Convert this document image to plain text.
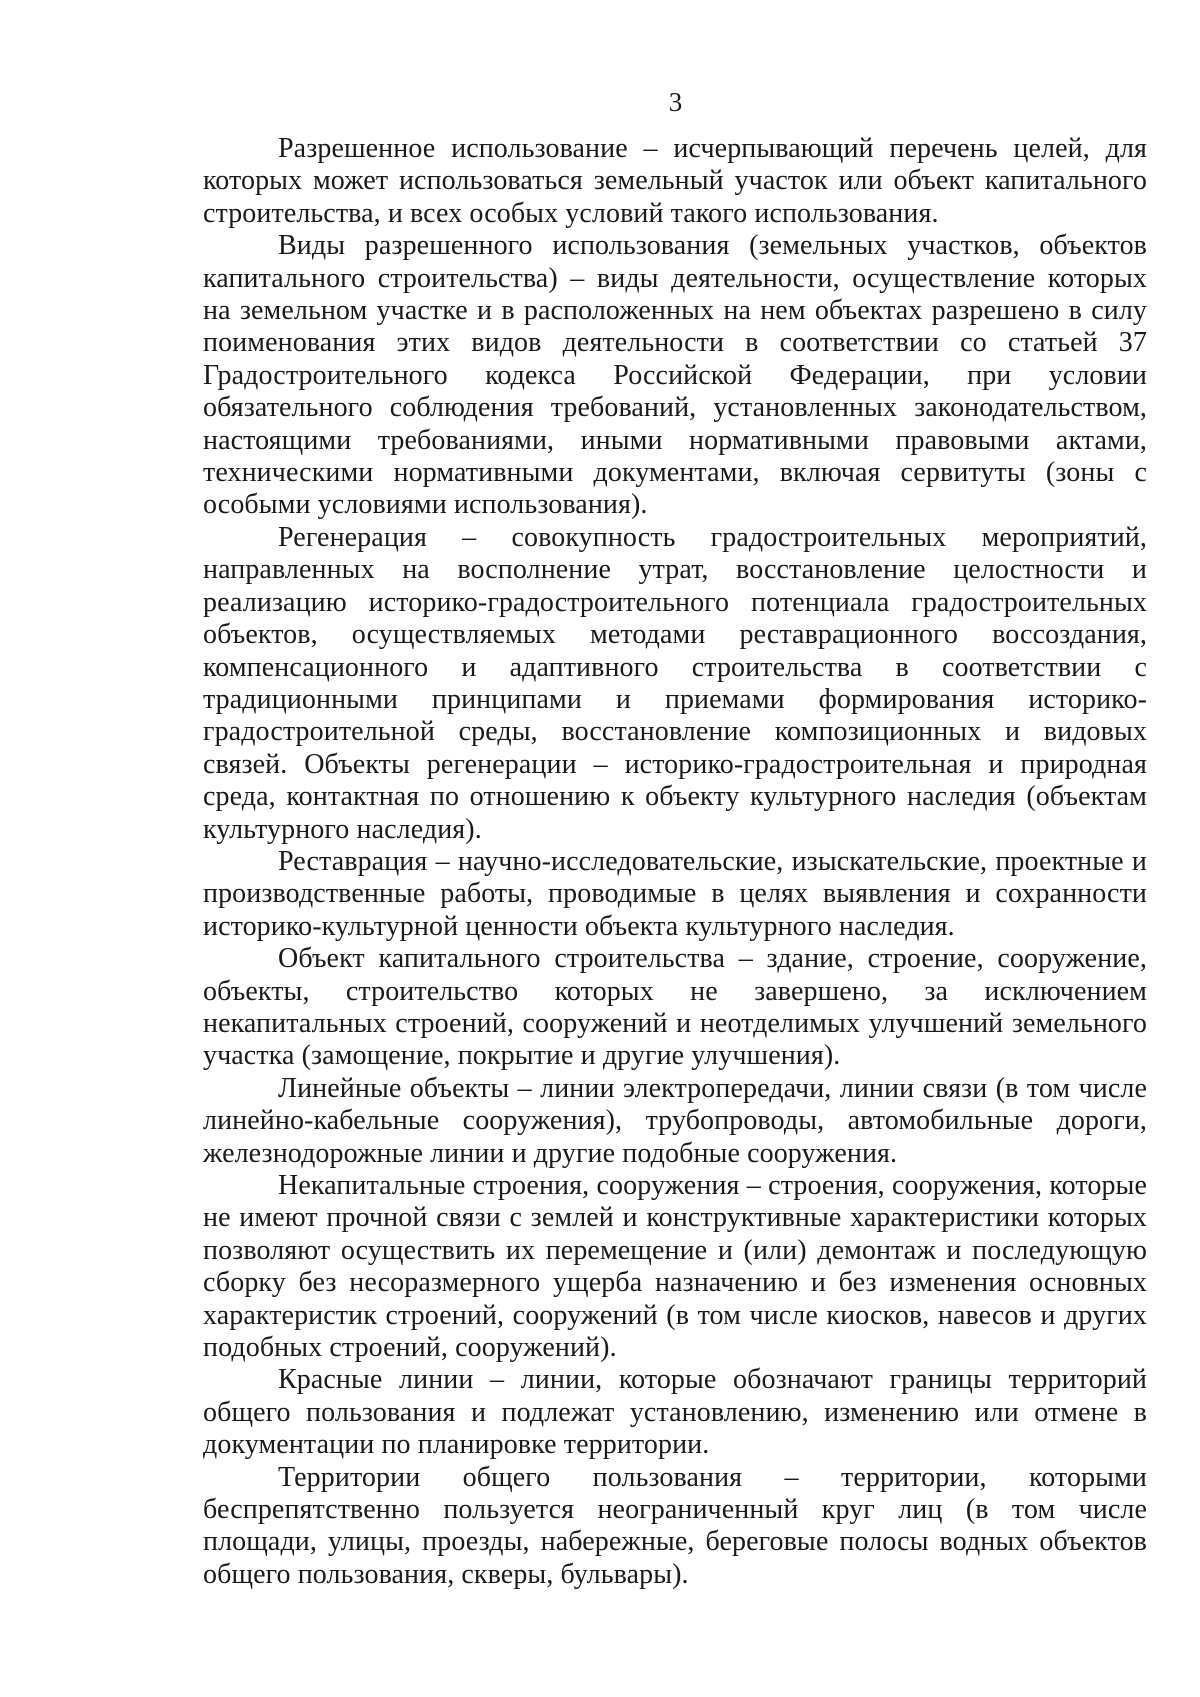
3

Разрешенное использование – исчерпывающий перечень целей, для которых может использоваться земельный участок или объект капитального строительства, и всех особых условий такого использования.

Виды разрешенного использования (земельных участков, объектов капитального строительства) – виды деятельности, осуществление которых на земельном участке и в расположенных на нем объектах разрешено в силу поименования этих видов деятельности в соответствии со статьей 37 Градостроительного кодекса Российской Федерации, при условии обязательного соблюдения требований, установленных законодательством, настоящими требованиями, иными нормативными правовыми актами, техническими нормативными документами, включая сервитуты (зоны с особыми условиями использования).

Регенерация – совокупность градостроительных мероприятий, направленных на восполнение утрат, восстановление целостности и реализацию историко-градостроительного потенциала градостроительных объектов, осуществляемых методами реставрационного воссоздания, компенсационного и адаптивного строительства в соответствии с традиционными принципами и приемами формирования историко-градостроительной среды, восстановление композиционных и видовых связей. Объекты регенерации – историко-градостроительная и природная среда, контактная по отношению к объекту культурного наследия (объектам культурного наследия).

Реставрация – научно-исследовательские, изыскательские, проектные и производственные работы, проводимые в целях выявления и сохранности историко-культурной ценности объекта культурного наследия.

Объект капитального строительства – здание, строение, сооружение, объекты, строительство которых не завершено, за исключением некапитальных строений, сооружений и неотделимых улучшений земельного участка (замощение, покрытие и другие улучшения).

Линейные объекты – линии электропередачи, линии связи (в том числе линейно-кабельные сооружения), трубопроводы, автомобильные дороги, железнодорожные линии и другие подобные сооружения.

Некапитальные строения, сооружения – строения, сооружения, которые не имеют прочной связи с землей и конструктивные характеристики которых позволяют осуществить их перемещение и (или) демонтаж и последующую сборку без несоразмерного ущерба назначению и без изменения основных характеристик строений, сооружений (в том числе киосков, навесов и других подобных строений, сооружений).

Красные линии – линии, которые обозначают границы территорий общего пользования и подлежат установлению, изменению или отмене в документации по планировке территории.

Территории общего пользования – территории, которыми беспрепятственно пользуется неограниченный круг лиц (в том числе площади, улицы, проезды, набережные, береговые полосы водных объектов общего пользования, скверы, бульвары).
